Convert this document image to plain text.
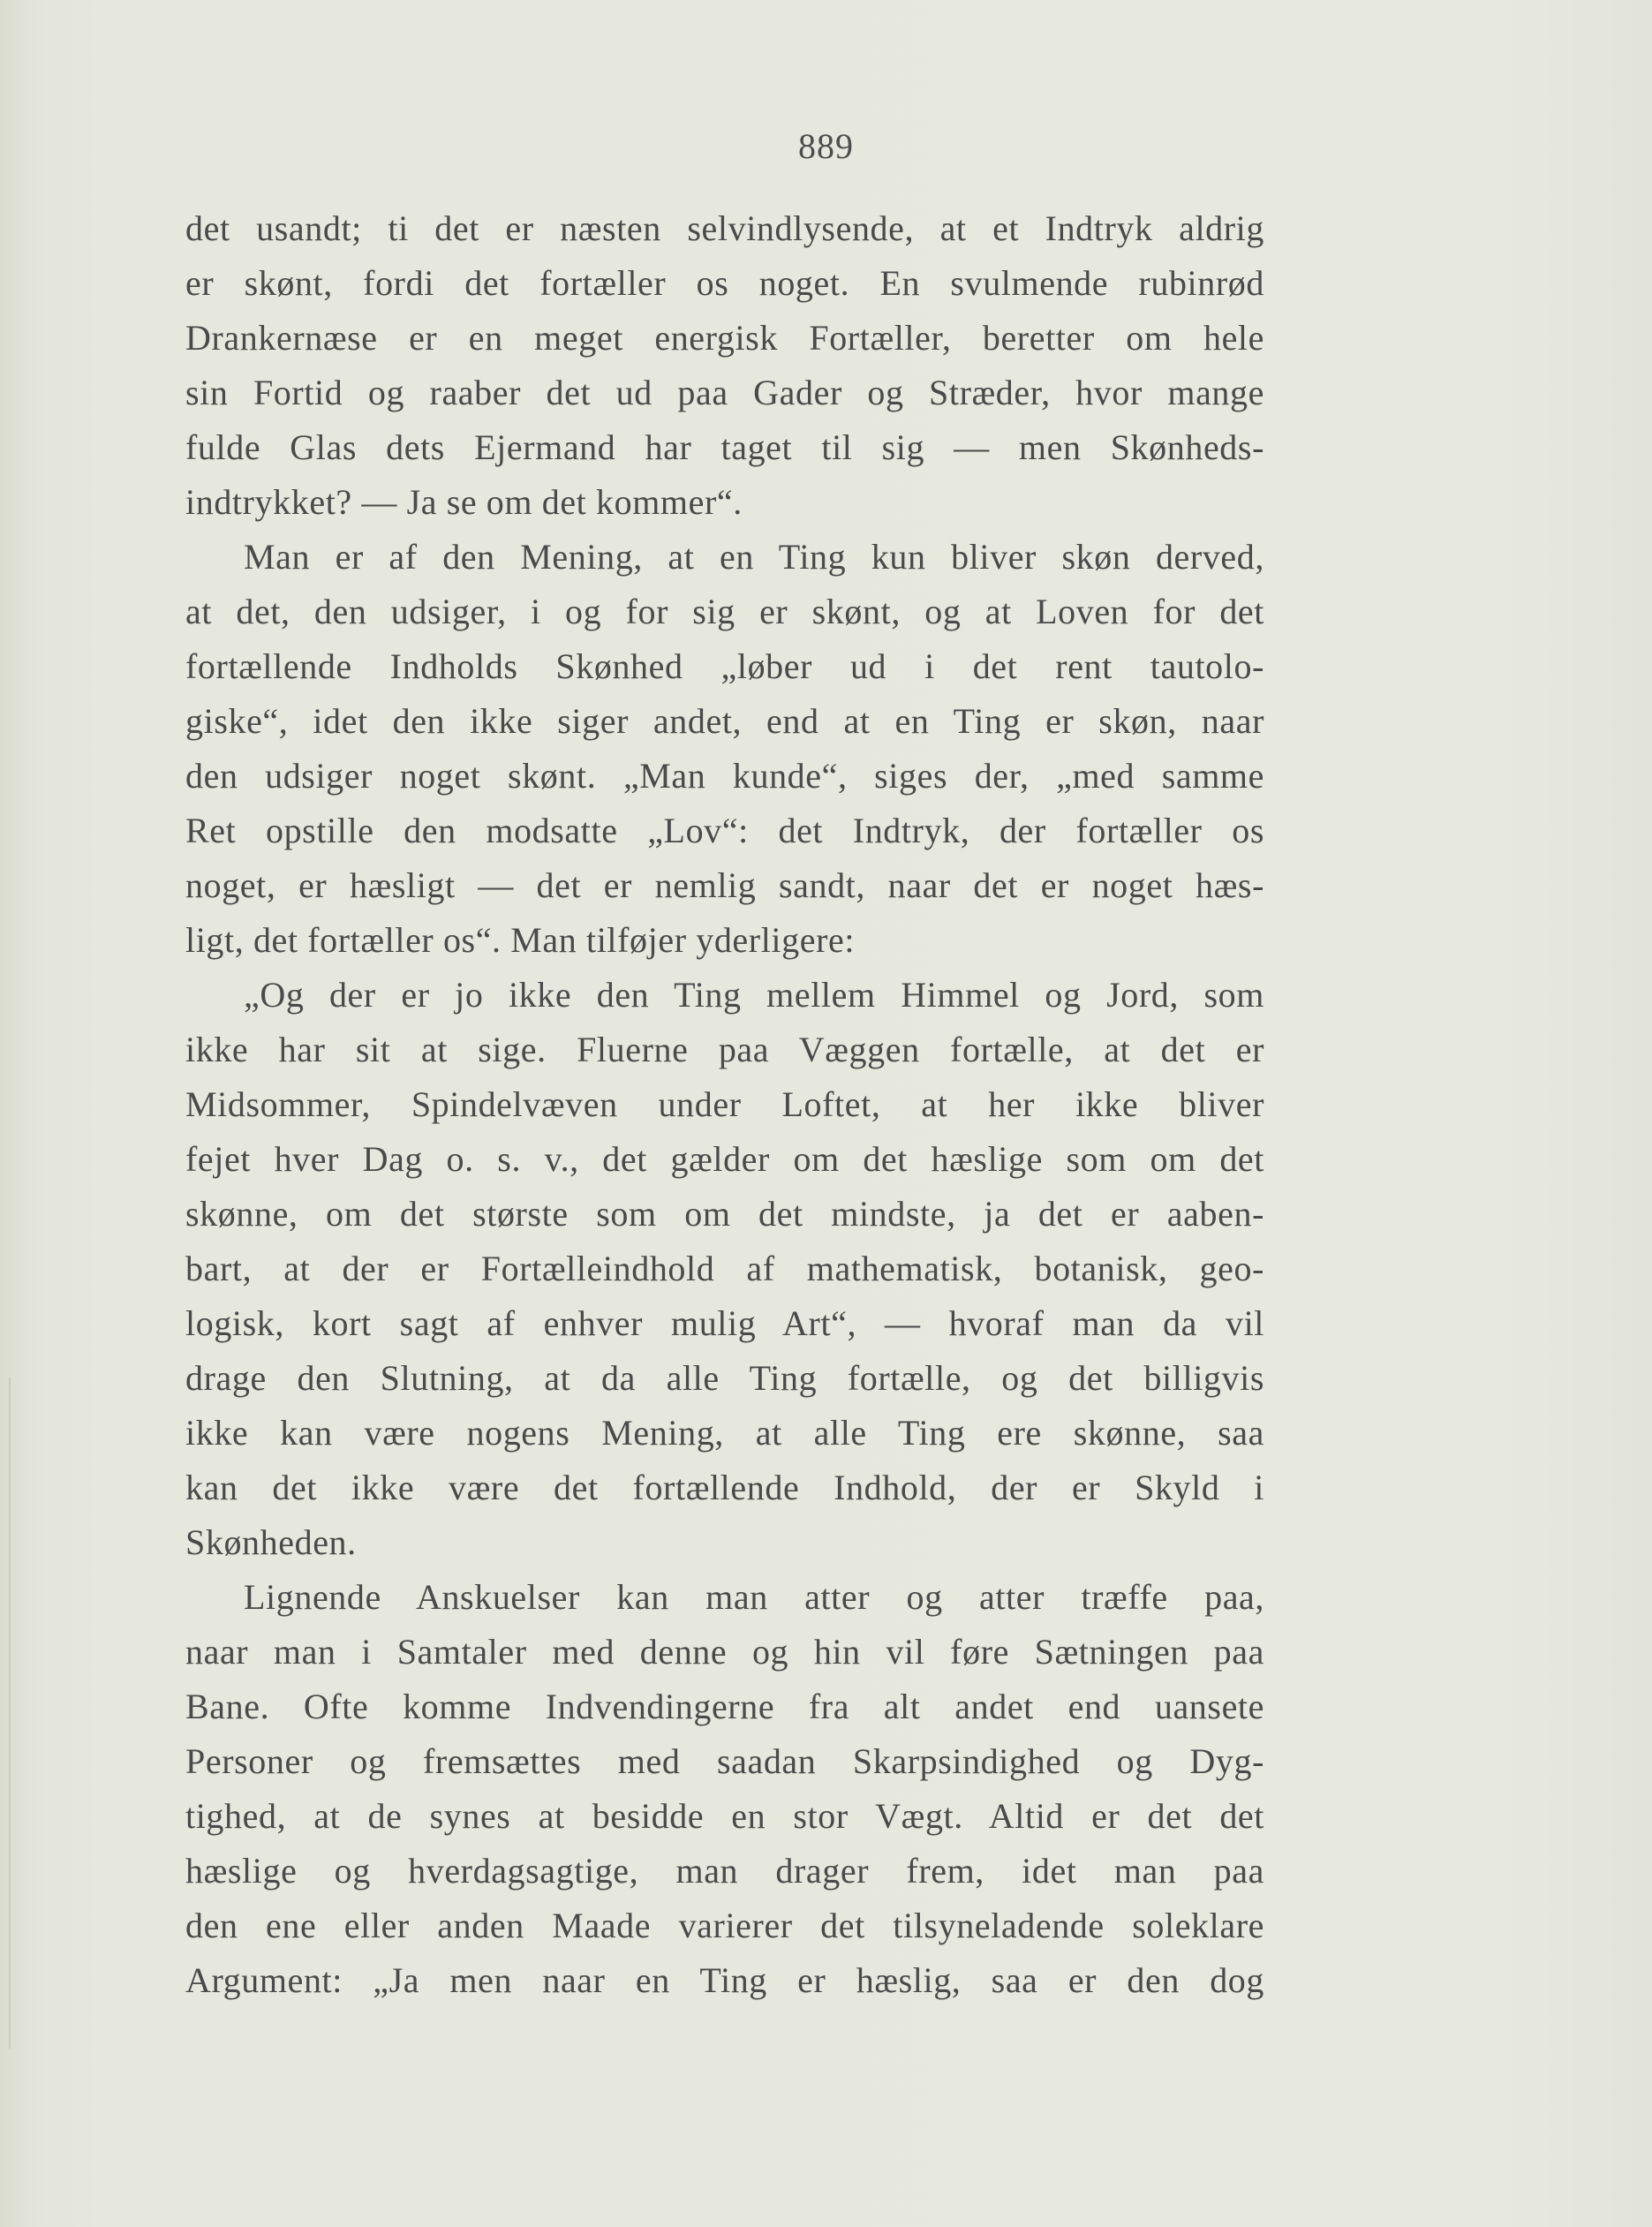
889
det usandt; ti det er næsten selvindlysende, at et Indtryk aldrig
er skønt, fordi det fortæller os noget. En svulmende rubinrød
Drankernæse er en meget energisk Fortæller, beretter om hele
sin Fortid og raaber det ud paa Gader og Stræder, hvor mange
fulde Glas dets Ejermand har taget til sig — men Skønheds-
indtrykket? — Ja se om det kommer“.
Man er af den Mening, at en Ting kun bliver skøn derved,
at det, den udsiger, i og for sig er skønt, og at Loven for det
fortællende Indholds Skønhed „løber ud i det rent tautolo-
giske“, idet den ikke siger andet, end at en Ting er skøn, naar
den udsiger noget skønt. „Man kunde“, siges der, „med samme
Ret opstille den modsatte „Lov“: det Indtryk, der fortæller os
noget, er hæsligt — det er nemlig sandt, naar det er noget hæs-
ligt, det fortæller os“. Man tilføjer yderligere:
„Og der er jo ikke den Ting mellem Himmel og Jord, som
ikke har sit at sige. Fluerne paa Væggen fortælle, at det er
Midsommer, Spindelvæven under Loftet, at her ikke bliver
fejet hver Dag o. s. v., det gælder om det hæslige som om det
skønne, om det største som om det mindste, ja det er aaben-
bart, at der er Fortælleindhold af mathematisk, botanisk, geo-
logisk, kort sagt af enhver mulig Art“, — hvoraf man da vil
drage den Slutning, at da alle Ting fortælle, og det billigvis
ikke kan være nogens Mening, at alle Ting ere skønne, saa
kan det ikke være det fortællende Indhold, der er Skyld i
Skønheden.
Lignende Anskuelser kan man atter og atter træffe paa,
naar man i Samtaler med denne og hin vil føre Sætningen paa
Bane. Ofte komme Indvendingerne fra alt andet end uansete
Personer og fremsættes med saadan Skarpsindighed og Dyg-
tighed, at de synes at besidde en stor Vægt. Altid er det det
hæslige og hverdagsagtige, man drager frem, idet man paa
den ene eller anden Maade varierer det tilsyneladende soleklare
Argument: „Ja men naar en Ting er hæslig, saa er den dog
